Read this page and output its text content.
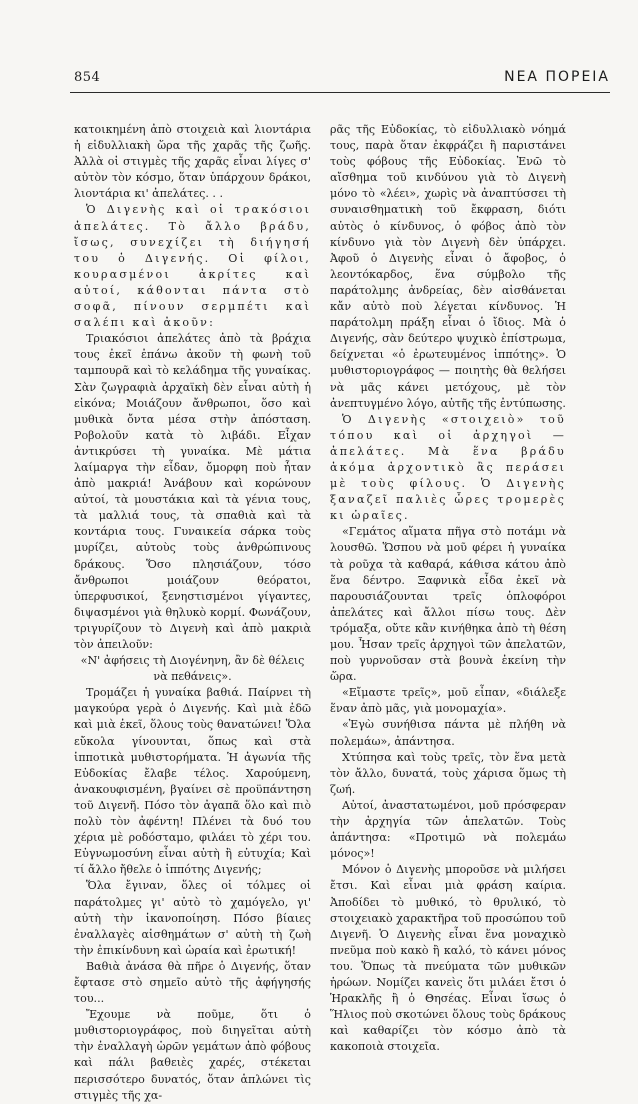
854	ΝΕΑ ΠΟΡΕΙΑ

κατοικημένη ἀπὸ στοιχειὰ καὶ λιοντάρια ἡ εἰδυλλιακὴ ὥρα τῆς χαρᾶς τῆς ζωῆς. Ἀλλὰ οἱ στιγμὲς τῆς χαρᾶς εἶναι λίγες σ' αὐτὸν τὸν κόσμο, ὅταν ὑπάρχουν δράκοι, λιοντάρια κι' ἀπελάτες. . .

Ὁ Διγενὴς καὶ οἱ τρακόσιοι ἀπελάτες. Τὸ ἄλλο βράδυ, ἴσως, συνεχίζει τὴ διήγησή του ὁ Διγενής. Οἱ φίλοι, κουρασμένοι ἀκρίτες καὶ αὐτοί, κάθονται πάντα στὸ σοφᾶ, πίνουν σερμπέτι καὶ σαλέπι καὶ ἀκοῦν:

Τριακόσιοι ἀπελάτες ἀπὸ τὰ βράχια τους ἐκεῖ ἐπάνω ἀκοῦν τὴ φωνὴ τοῦ ταμπουρᾶ καὶ τὸ κελάδημα τῆς γυναίκας. Σὰν ζωγραφιὰ ἀρχαϊκὴ δὲν εἶναι αὐτὴ ἡ εἰκόνα; Μοιάζουν ἄνθρωποι, ὅσο καὶ μυθικὰ ὄντα μέσα στὴν ἀπόσταση. Ροβολοῦν κατὰ τὸ λιβάδι. Εἶχαν ἀντικρύσει τὴ γυναίκα. Μὲ μάτια λαίμαργα τὴν εἶδαν, ὄμορφη ποὺ ἦταν ἀπὸ μακριά! Ἀνάβουν καὶ κορώνουν αὐτοί, τὰ μουστάκια καὶ τὰ γένια τους, τὰ μαλλιά τους, τὰ σπαθιὰ καὶ τὰ κοντάρια τους. Γυναικεία σάρκα τοὺς μυρίζει, αὐτοὺς τοὺς ἀνθρώπινους δράκους. Ὅσο πλησιάζουν, τόσο ἄνθρωποι μοιάζουν θεόρατοι, ὑπερφυσικοί, ξενηστισμένοι γίγαντες, διψασμένοι γιὰ θηλυκὸ κορμί. Φωνάζουν, τριγυρίζουν τὸ Διγενὴ καὶ ἀπὸ μακριὰ τὸν ἀπειλοῦν:

«Ν' ἀφήσεις τὴ Διογένηνη, ἂν δὲ θέλεις νὰ πεθάνεις».

Τρομάζει ἡ γυναίκα βαθιά. Παίρνει τὴ μαγκούρα γερὰ ὁ Διγενής. Καὶ μιὰ ἐδῶ καὶ μιὰ ἐκεῖ, ὅλους τοὺς θανατώνει! Ὅλα εὔκολα γίνουνται, ὅπως καὶ στὰ ἱπποτικὰ μυθιστορήματα. Ἡ ἀγωνία τῆς Εὐδοκίας ἔλαβε τέλος. Χαρούμενη, ἀνακουφισμένη, βγαίνει σὲ προϋπάντηση τοῦ Διγενῆ. Πόσο τὸν ἀγαπᾶ ὅλο καὶ πιὸ πολὺ τὸν ἀφέντη! Πλένει τὰ δυό του χέρια μὲ ροδόσταμο, φιλάει τὸ χέρι του. Εὐγνωμοσύνη εἶναι αὐτὴ ἢ εὐτυχία; Καὶ τί ἄλλο ἤθελε ὁ ἱππότης Διγενής;

Ὅλα ἔγιναν, ὅλες οἱ τόλμες οἱ παράτολμες γι' αὐτὸ τὸ χαμόγελο, γι' αὐτὴ τὴν ἱκανοποίηση. Πόσο βίαιες ἐναλλαγὲς αἰσθημάτων σ' αὐτὴ τὴ ζωὴ τὴν ἐπικίνδυνη καὶ ὡραία καὶ ἐρωτική!

Βαθιὰ ἀνάσα θὰ πῆρε ὁ Διγενής, ὅταν ἔφτασε στὸ σημεῖο αὐτὸ τῆς ἀφήγησής του...

Ἔχουμε νὰ ποῦμε, ὅτι ὁ μυθιστοριογράφος, ποὺ διηγεῖται αὐτὴ τὴν ἐναλλαγὴ ὡρῶν γεμάτων ἀπὸ φόβους καὶ πάλι βαθειὲς χαρές, στέκεται περισσότερο δυνατός, ὅταν ἁπλώνει τὶς στιγμὲς τῆς χα-

ρᾶς τῆς Εὐδοκίας, τὸ εἰδυλλιακὸ νόημά τους, παρὰ ὅταν ἐκφράζει ἢ παριστάνει τοὺς φόβους τῆς Εὐδοκίας. Ἐνῶ τὸ αἴσθημα τοῦ κινδύνου γιὰ τὸ Διγενὴ μόνο τὸ «λέει», χωρὶς νὰ ἀναπτύσσει τὴ συναισθηματικὴ τοῦ ἔκφραση, διότι αὐτὸς ὁ κίνδυνος, ὁ φόβος ἀπὸ τὸν κίνδυνο γιὰ τὸν Διγενὴ δὲν ὑπάρχει. Ἀφοῦ ὁ Διγενὴς εἶναι ὁ ἄφοβος, ὁ λεοντόκαρδος, ἕνα σύμβολο τῆς παράτολμης ἀνδρείας, δὲν αἰσθάνεται κἄν αὐτὸ ποὺ λέγεται κίνδυνος. Ἡ παράτολμη πράξη εἶναι ὁ ἴδιος. Μὰ ὁ Διγενής, σὰν δεύτερο ψυχικὸ ἐπίστρωμα, δείχνεται «ὁ ἐρωτευμένος ἱππότης». Ὁ μυθιστοριογράφος — ποιητὴς θὰ θελήσει νὰ μᾶς κάνει μετόχους, μὲ τὸν ἀνεπτυγμένο λόγο, αὐτῆς τῆς ἐντύπωσης.

Ὁ Διγενὴς «στοιχειὸ» τοῦ τόπου καὶ οἱ ἀρχηγοὶ — ἀπελάτες. Μὰ ἕνα βράδυ ἀκόμα ἀρχοντικὸ ἂς περάσει μὲ τοὺς φίλους. Ὁ Διγενὴς ξαναζεῖ παλιὲς ὧρες τρομερὲς κι ὡραῖες.

«Γεμάτος αἵματα πῆγα στὸ ποτάμι νὰ λουσθῶ. Ὥσπου νὰ μοῦ φέρει ἡ γυναίκα τὰ ροῦχα τὰ καθαρά, κάθισα κάτου ἀπὸ ἕνα δέντρο. Ξαφνικὰ εἶδα ἐκεῖ νὰ παρουσιάζουνται τρεῖς ὁπλοφόροι ἀπελάτες καὶ ἄλλοι πίσω τους. Δὲν τρόμαξα, οὔτε κἂν κινήθηκα ἀπὸ τὴ θέση μου. Ἦσαν τρεῖς ἀρχηγοὶ τῶν ἀπελατῶν, ποὺ γυρνοῦσαν στὰ βουνὰ ἐκείνη τὴν ὥρα.

«Εἴμαστε τρεῖς», μοῦ εἶπαν, «διάλεξε ἕναν ἀπὸ μᾶς, γιὰ μονομαχία».

«Ἐγὼ συνήθισα πάντα μὲ πλήθη νὰ πολεμάω», ἀπάντησα.

Χτύπησα καὶ τοὺς τρεῖς, τὸν ἕνα μετὰ τὸν ἄλλο, δυνατά, τοὺς χάρισα ὅμως τὴ ζωή.

Αὐτοί, ἀναστατωμένοι, μοῦ πρόσφεραν τὴν ἀρχηγία τῶν ἀπελατῶν. Τοὺς ἀπάντησα: «Προτιμῶ νὰ πολεμάω μόνος»!

Μόνον ὁ Διγενὴς μποροῦσε νὰ μιλήσει ἔτσι. Καὶ εἶναι μιὰ φράση καίρια. Ἀποδίδει τὸ μυθικό, τὸ θρυλικό, τὸ στοιχειακὸ χαρακτῆρα τοῦ προσώπου τοῦ Διγενῆ. Ὁ Διγενὴς εἶναι ἕνα μοναχικὸ πνεῦμα ποὺ κακὸ ἢ καλό, τὸ κάνει μόνος του. Ὅπως τὰ πνεύματα τῶν μυθικῶν ἡρώων. Νομίζει κανεὶς ὅτι μιλάει ἔτσι ὁ Ἡρακλῆς ἢ ὁ Θησέας. Εἶναι ἴσως ὁ Ἥλιος ποὺ σκοτώνει ὅλους τοὺς δράκους καὶ καθαρίζει τὸν κόσμο ἀπὸ τὰ κακοποιὰ στοιχεῖα.
